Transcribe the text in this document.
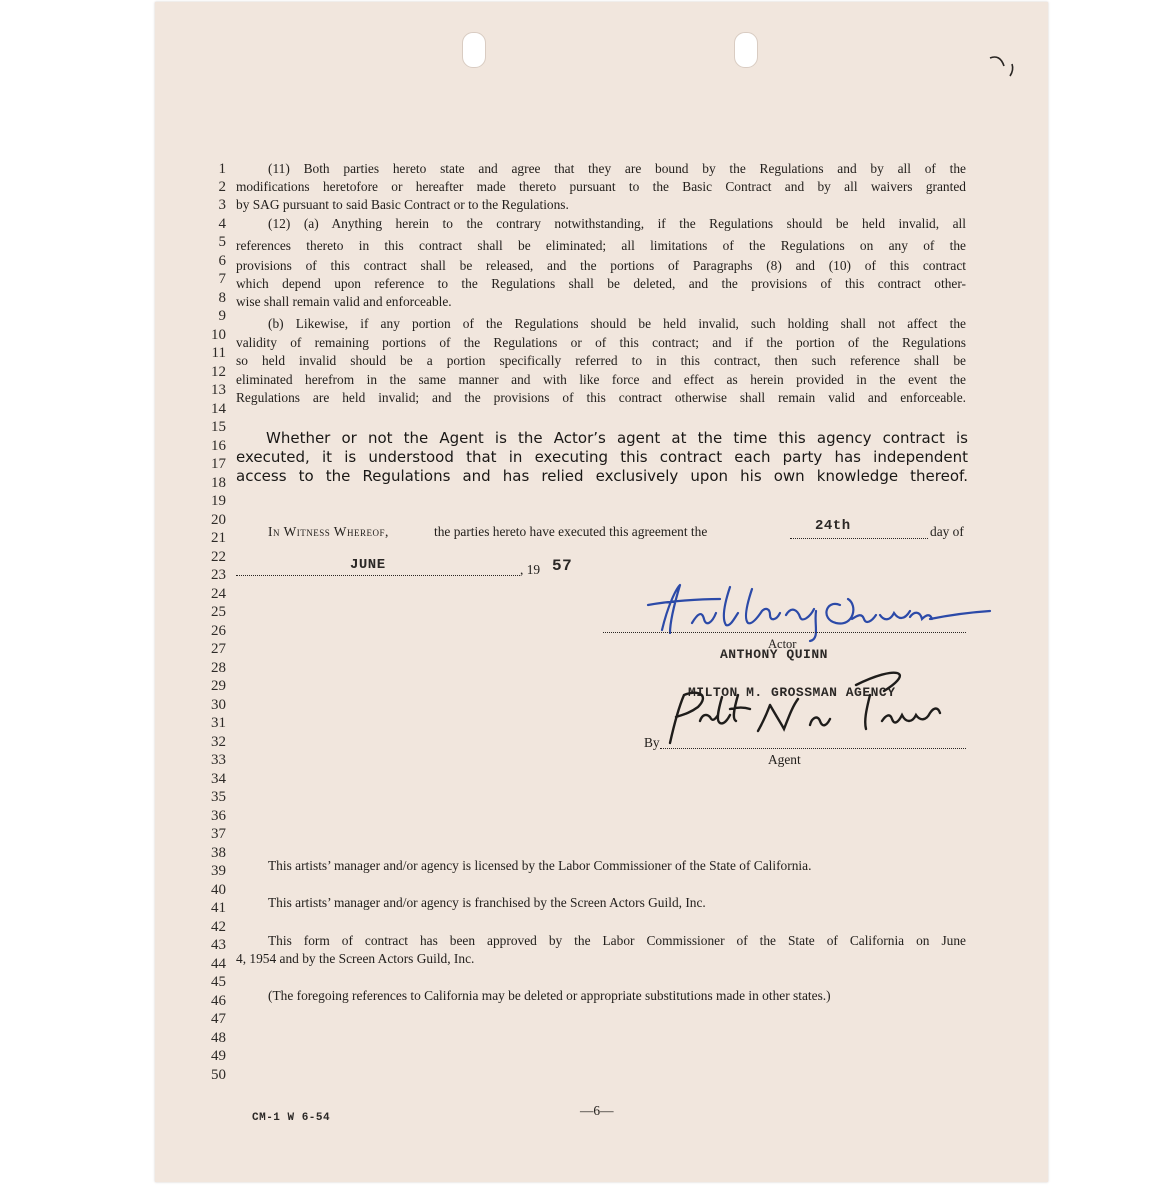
1
2
3
4
5
6
7
8
9
10
11
12
13
14
15
16
17
18
19
20
21
22
23
24
25
26
27
28
29
30
31
32
33
34
35
36
37
38
39
40
41
42
43
44
45
46
47
48
49
50
(11) Both parties hereto state and agree that they are bound by the Regulations and by all of the
modifications heretofore or hereafter made thereto pursuant to the Basic Contract and by all waivers granted
by SAG pursuant to said Basic Contract or to the Regulations.
(12) (a) Anything herein to the contrary notwithstanding, if the Regulations should be held invalid, all
references thereto in this contract shall be eliminated; all limitations of the Regulations on any of the
provisions of this contract shall be released, and the portions of Paragraphs (8) and (10) of this contract
which depend upon reference to the Regulations shall be deleted, and the provisions of this contract other-
wise shall remain valid and enforceable.
(b) Likewise, if any portion of the Regulations should be held invalid, such holding shall not affect the
validity of remaining portions of the Regulations or of this contract; and if the portion of the Regulations
so held invalid should be a portion specifically referred to in this contract, then such reference shall be
eliminated herefrom in the same manner and with like force and effect as herein provided in the event the
Regulations are held invalid; and the provisions of this contract otherwise shall remain valid and enforceable.
Whether or not the Agent is the Actor’s agent at the time this agency contract is
executed, it is understood that in executing this contract each party has independent
access to the Regulations and has relied exclusively upon his own knowledge thereof.
In Witness Whereof,	the parties hereto have executed this agreement the	24th	day of
JUNE	, 19 57
Actor
ANTHONY QUINN
MILTON M. GROSSMAN AGENCY
By
Agent
This artists’ manager and/or agency is licensed by the Labor Commissioner of the State of California.
This artists’ manager and/or agency is franchised by the Screen Actors Guild, Inc.
This form of contract has been approved by the Labor Commissioner of the State of California on June
4, 1954 and by the Screen Actors Guild, Inc.
(The foregoing references to California may be deleted or appropriate substitutions made in other states.)
CM-1 W 6-54	—6—
